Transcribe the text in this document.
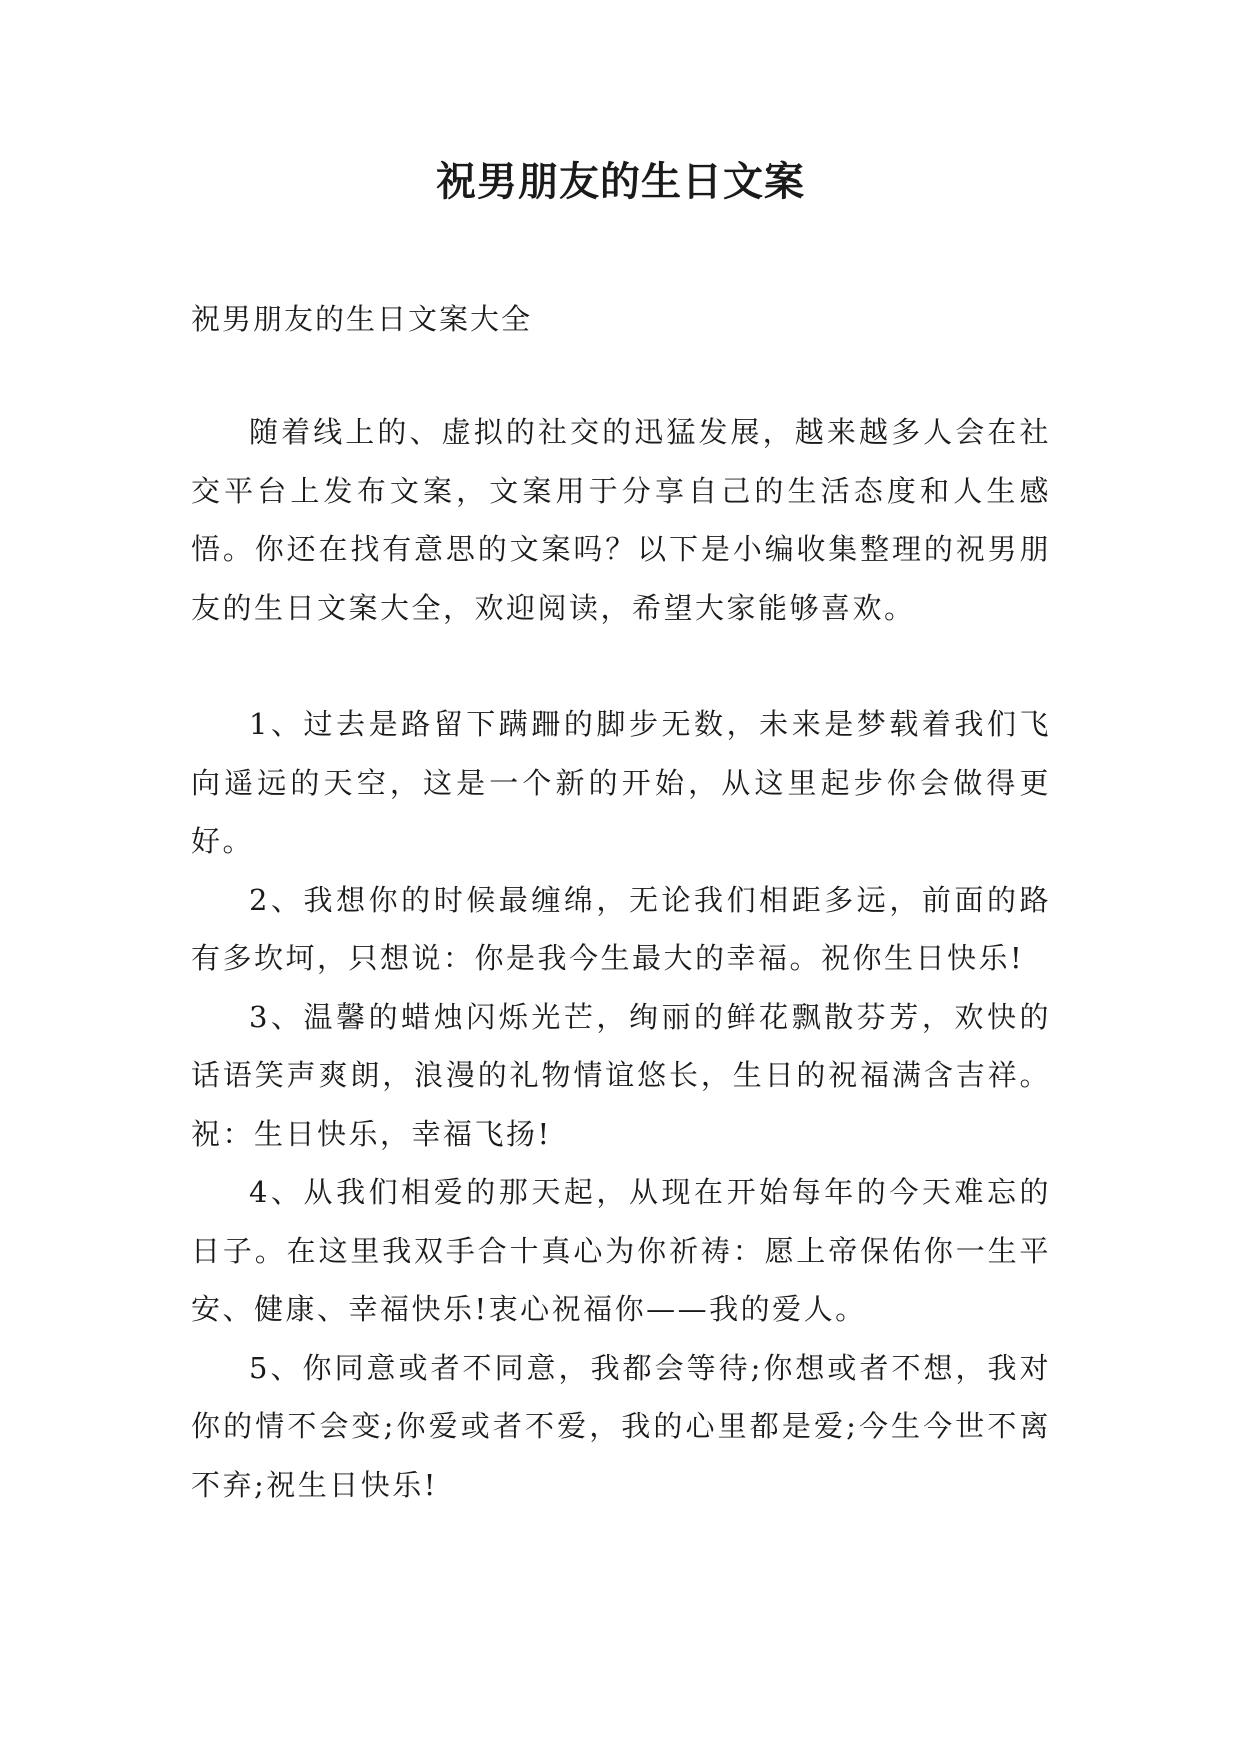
祝男朋友的生日文案

祝男朋友的生日文案大全

随着线上的、虚拟的社交的迅猛发展，越来越多人会在社交平台上发布文案，文案用于分享自己的生活态度和人生感悟。你还在找有意思的文案吗？以下是小编收集整理的祝男朋友的生日文案大全，欢迎阅读，希望大家能够喜欢。

1、过去是路留下蹒跚的脚步无数，未来是梦载着我们飞向遥远的天空，这是一个新的开始，从这里起步你会做得更好。

2、我想你的时候最缠绵，无论我们相距多远，前面的路有多坎坷，只想说：你是我今生最大的幸福。祝你生日快乐!

3、温馨的蜡烛闪烁光芒，绚丽的鲜花飘散芬芳，欢快的话语笑声爽朗，浪漫的礼物情谊悠长，生日的祝福满含吉祥。祝：生日快乐，幸福飞扬!

4、从我们相爱的那天起，从现在开始每年的今天难忘的日子。在这里我双手合十真心为你祈祷：愿上帝保佑你一生平安、健康、幸福快乐!衷心祝福你——我的爱人。

5、你同意或者不同意，我都会等待;你想或者不想，我对你的情不会变;你爱或者不爱，我的心里都是爱;今生今世不离不弃;祝生日快乐!
